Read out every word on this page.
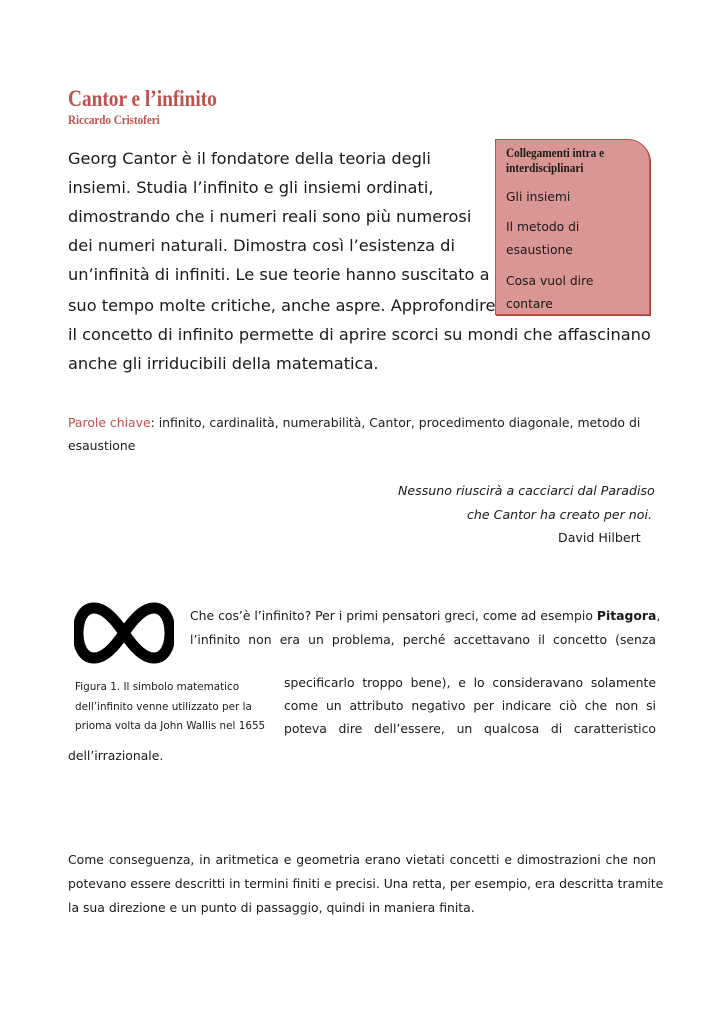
Cantor e l’infinito
Riccardo Cristoferi
Georg Cantor è il fondatore della teoria degli
insiemi. Studia l’infinito e gli insiemi ordinati,
dimostrando che i numeri reali sono più numerosi
dei numeri naturali. Dimostra così l’esistenza di
un’infinità di infiniti. Le sue teorie hanno suscitato a
suo tempo molte critiche, anche aspre. Approfondire
il concetto di infinito permette di aprire scorci su mondi che affascinano
anche gli irriducibili della matematica.
Collegamenti intra e interdisciplinari
Gli insiemi
Il metodo di
esaustione
Cosa vuol dire
contare
Parole chiave: infinito, cardinalità, numerabilità, Cantor, procedimento diagonale, metodo di esaustione
Nessuno riuscirà a cacciarci dal Paradiso
che Cantor ha creato per noi.
David Hilbert
Figura 1. Il simbolo matematico
dell’infinito venne utilizzato per la
prioma volta da John Wallis nel 1655
Che cos’è l’infinito? Per i primi pensatori greci, come ad esempio Pitagora,
l’infinito non era un problema, perché accettavano il concetto (senza
specificarlo troppo bene), e lo consideravano solamente
come un attributo negativo per indicare ciò che non si
poteva dire dell’essere, un qualcosa di caratteristico
dell’irrazionale.
Come conseguenza, in aritmetica e geometria erano vietati concetti e dimostrazioni che non
potevano essere descritti in termini finiti e precisi. Una retta, per esempio, era descritta tramite
la sua direzione e un punto di passaggio, quindi in maniera finita.
